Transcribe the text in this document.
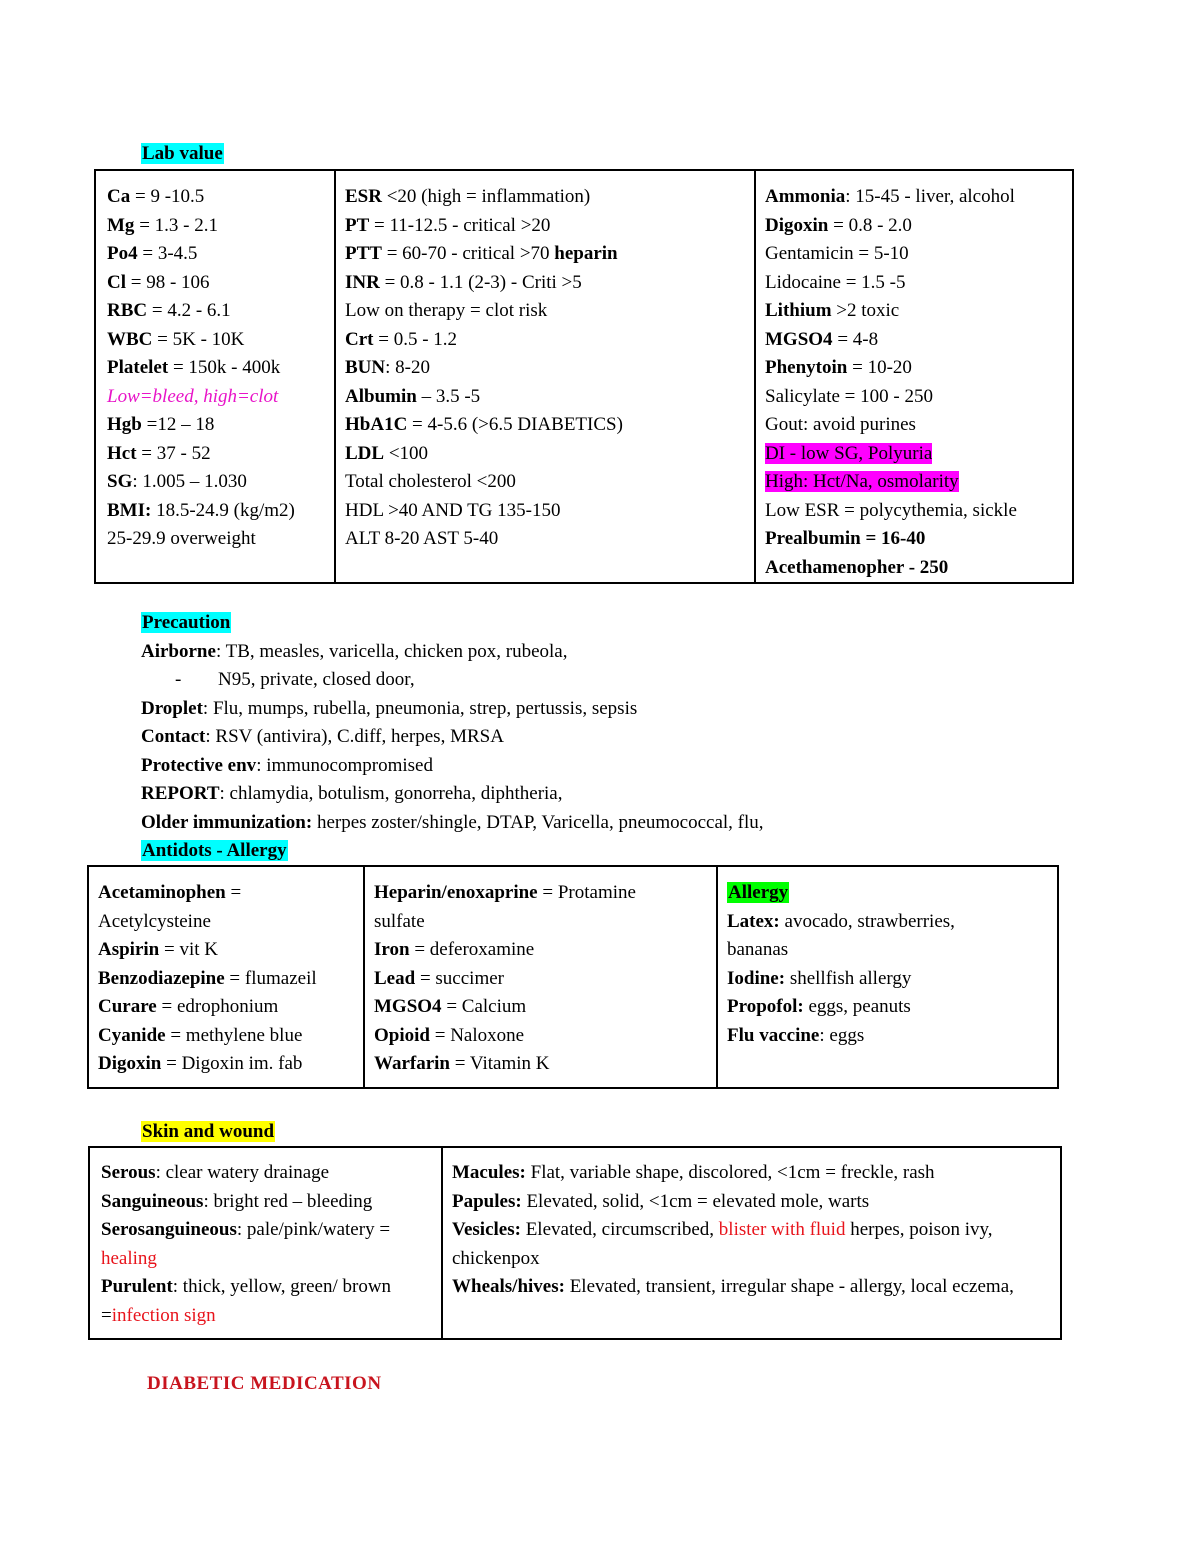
Lab value
Ca = 9 -10.5
Mg = 1.3 - 2.1
Po4 = 3-4.5
Cl = 98 - 106
RBC = 4.2 - 6.1
WBC = 5K - 10K
Platelet = 150k - 400k
Low=bleed, high=clot
Hgb =12 – 18
Hct = 37 - 52
SG: 1.005 – 1.030
BMI: 18.5-24.9 (kg/m2)
25-29.9 overweight

ESR <20 (high = inflammation)
PT = 11-12.5 - critical >20
PTT = 60-70 - critical >70 heparin
INR = 0.8 - 1.1 (2-3) - Criti >5
Low on therapy = clot risk
Crt = 0.5 - 1.2
BUN: 8-20
Albumin – 3.5 -5
HbA1C = 4-5.6 (>6.5 DIABETICS)
LDL <100
Total cholesterol <200
HDL >40 AND TG 135-150
ALT 8-20 AST 5-40

Ammonia: 15-45 - liver, alcohol
Digoxin = 0.8 - 2.0
Gentamicin = 5-10
Lidocaine = 1.5 -5
Lithium >2 toxic
MGSO4 = 4-8
Phenytoin = 10-20
Salicylate = 100 - 250
Gout: avoid purines
DI - low SG, Polyuria
High: Hct/Na, osmolarity
Low ESR = polycythemia, sickle
Prealbumin = 16-40
Acethamenopher - 250
Precaution
Airborne: TB, measles, varicella, chicken pox, rubeola,
- N95, private, closed door,
Droplet: Flu, mumps, rubella, pneumonia, strep, pertussis, sepsis
Contact: RSV (antivira), C.diff, herpes, MRSA
Protective env: immunocompromised
REPORT: chlamydia, botulism, gonorreha, diphtheria,
Older immunization: herpes zoster/shingle, DTAP, Varicella, pneumococcal, flu,
Antidots - Allergy
Acetaminophen = Acetylcysteine
Aspirin = vit K
Benzodiazepine = flumazeil
Curare = edrophonium
Cyanide = methylene blue
Digoxin = Digoxin im. fab

Heparin/enoxaprine = Protamine sulfate
Iron = deferoxamine
Lead = succimer
MGSO4 = Calcium
Opioid = Naloxone
Warfarin = Vitamin K

Allergy
Latex: avocado, strawberries, bananas
Iodine: shellfish allergy
Propofol: eggs, peanuts
Flu vaccine: eggs
Skin and wound
Serous: clear watery drainage
Sanguineous: bright red – bleeding
Serosanguineous: pale/pink/watery = healing
Purulent: thick, yellow, green/ brown =infection sign

Macules: Flat, variable shape, discolored, <1cm = freckle, rash
Papules: Elevated, solid, <1cm = elevated mole, warts
Vesicles: Elevated, circumscribed, blister with fluid herpes, poison ivy, chickenpox
Wheals/hives: Elevated, transient, irregular shape - allergy, local eczema,
DIABETIC MEDICATION
